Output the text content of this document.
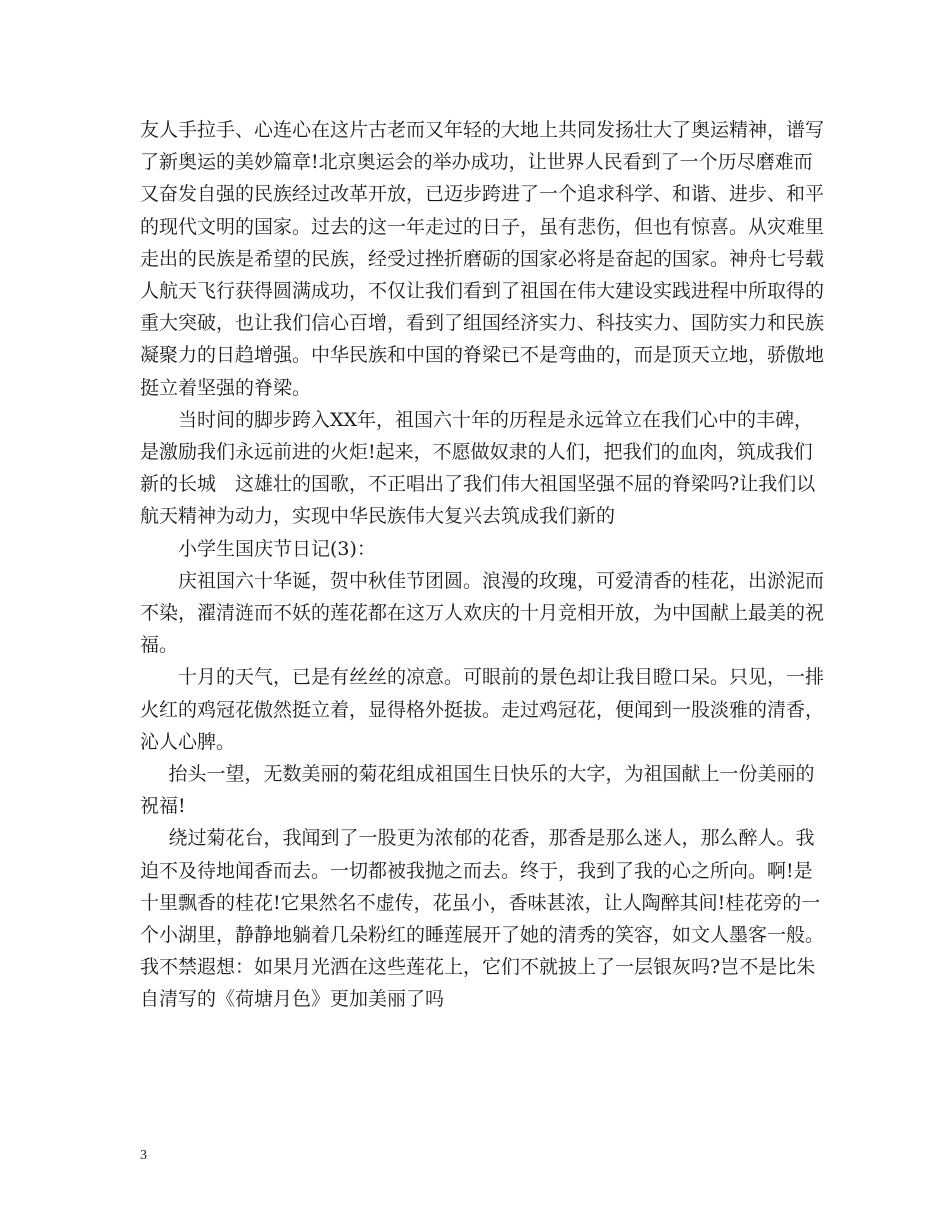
友人手拉手、心连心在这片古老而又年轻的大地上共同发扬壮大了奥运精神，谱写了新奥运的美妙篇章!北京奥运会的举办成功，让世界人民看到了一个历尽磨难而又奋发自强的民族经过改革开放，已迈步跨进了一个追求科学、和谐、进步、和平的现代文明的国家。过去的这一年走过的日子，虽有悲伤，但也有惊喜。从灾难里走出的民族是希望的民族，经受过挫折磨砺的国家必将是奋起的国家。神舟七号载人航天飞行获得圆满成功，不仅让我们看到了祖国在伟大建设实践进程中所取得的重大突破，也让我们信心百增，看到了组国经济实力、科技实力、国防实力和民族凝聚力的日趋增强。中华民族和中国的脊梁已不是弯曲的，而是顶天立地，骄傲地挺立着坚强的脊梁。

当时间的脚步跨入XX年，祖国六十年的历程是永远耸立在我们心中的丰碑，是激励我们永远前进的火炬!起来，不愿做奴隶的人们，把我们的血肉，筑成我们新的长城　这雄壮的国歌，不正唱出了我们伟大祖国坚强不屈的脊梁吗?让我们以航天精神为动力，实现中华民族伟大复兴去筑成我们新的

小学生国庆节日记(3)：

庆祖国六十华诞，贺中秋佳节团圆。浪漫的玫瑰，可爱清香的桂花，出淤泥而不染，濯清涟而不妖的莲花都在这万人欢庆的十月竞相开放，为中国献上最美的祝福。

十月的天气，已是有丝丝的凉意。可眼前的景色却让我目瞪口呆。只见，一排火红的鸡冠花傲然挺立着，显得格外挺拔。走过鸡冠花，便闻到一股淡雅的清香，沁人心脾。

抬头一望，无数美丽的菊花组成祖国生日快乐的大字，为祖国献上一份美丽的祝福!

绕过菊花台，我闻到了一股更为浓郁的花香，那香是那么迷人，那么醉人。我迫不及待地闻香而去。一切都被我抛之而去。终于，我到了我的心之所向。啊!是十里飘香的桂花!它果然名不虚传，花虽小，香味甚浓，让人陶醉其间!桂花旁的一个小湖里，静静地躺着几朵粉红的睡莲展开了她的清秀的笑容，如文人墨客一般。我不禁遐想：如果月光洒在这些莲花上，它们不就披上了一层银灰吗?岂不是比朱自清写的《荷塘月色》更加美丽了吗

3
